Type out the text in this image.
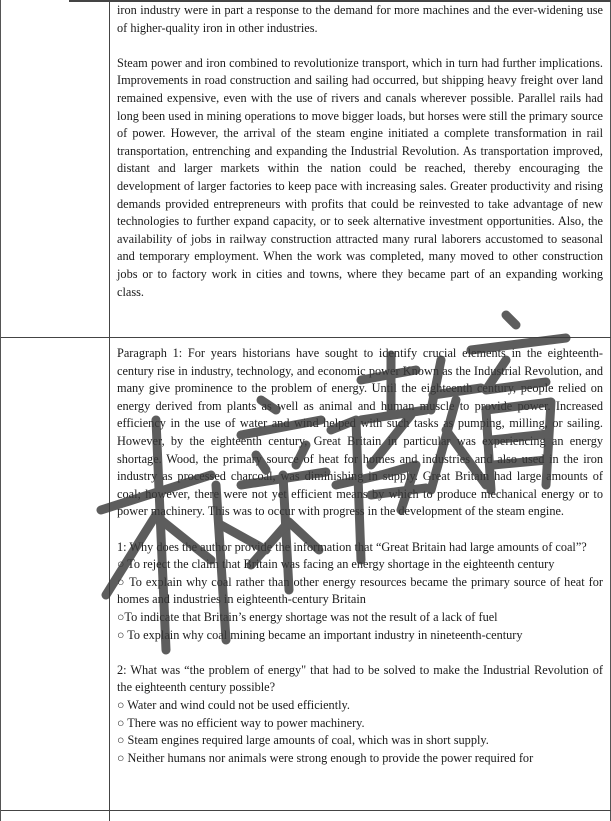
iron industry were in part a response to the demand for more machines and the ever-widening use of higher-quality iron in other industries.

Steam power and iron combined to revolutionize transport, which in turn had further implications. Improvements in road construction and sailing had occurred, but shipping heavy freight over land remained expensive, even with the use of rivers and canals wherever possible. Parallel rails had long been used in mining operations to move bigger loads, but horses were still the primary source of power. However, the arrival of the steam engine initiated a complete transformation in rail transportation, entrenching and expanding the Industrial Revolution. As transportation improved, distant and larger markets within the nation could be reached, thereby encouraging the development of larger factories to keep pace with increasing sales. Greater productivity and rising demands provided entrepreneurs with profits that could be reinvested to take advantage of new technologies to further expand capacity, or to seek alternative investment opportunities. Also, the availability of jobs in railway construction attracted many rural laborers accustomed to seasonal and temporary employment. When the work was completed, many moved to other construction jobs or to factory work in cities and towns, where they became part of an expanding working class.

Paragraph 1: For years historians have sought to identify crucial elements in the eighteenth-century rise in industry, technology, and economic power Known as the Industrial Revolution, and many give prominence to the problem of energy. Until the eighteenth century, people relied on energy derived from plants as well as animal and human muscle to provide power. Increased efficiency in the use of water and wind helped with such tasks as pumping, milling, or sailing. However, by the eighteenth century, Great Britain in particular was experiencing an energy shortage. Wood, the primary source of heat for homes and industries and also used in the iron industry as processed charcoal, was diminishing in supply. Great Britain had large amounts of coal; however, there were not yet efficient means by which to produce mechanical energy or to power machinery. This was to occur with progress in the development of the steam engine.

1: Why does the author provide the information that “Great Britain had large amounts of coal”?

○ To reject the claim that Britain was facing an energy shortage in the eighteenth century

○ To explain why coal rather than other energy resources became the primary source of heat for homes and industries in eighteenth-century Britain

○To indicate that Britain’s energy shortage was not the result of a lack of fuel

○ To explain why coal mining became an important industry in nineteenth-century

2: What was “the problem of energy" that had to be solved to make the Industrial Revolution of the eighteenth century possible?

○ Water and wind could not be used efficiently.

○ There was no efficient way to power machinery.

○ Steam engines required large amounts of coal, which was in short supply.

○ Neither humans nor animals were strong enough to provide the power required for
